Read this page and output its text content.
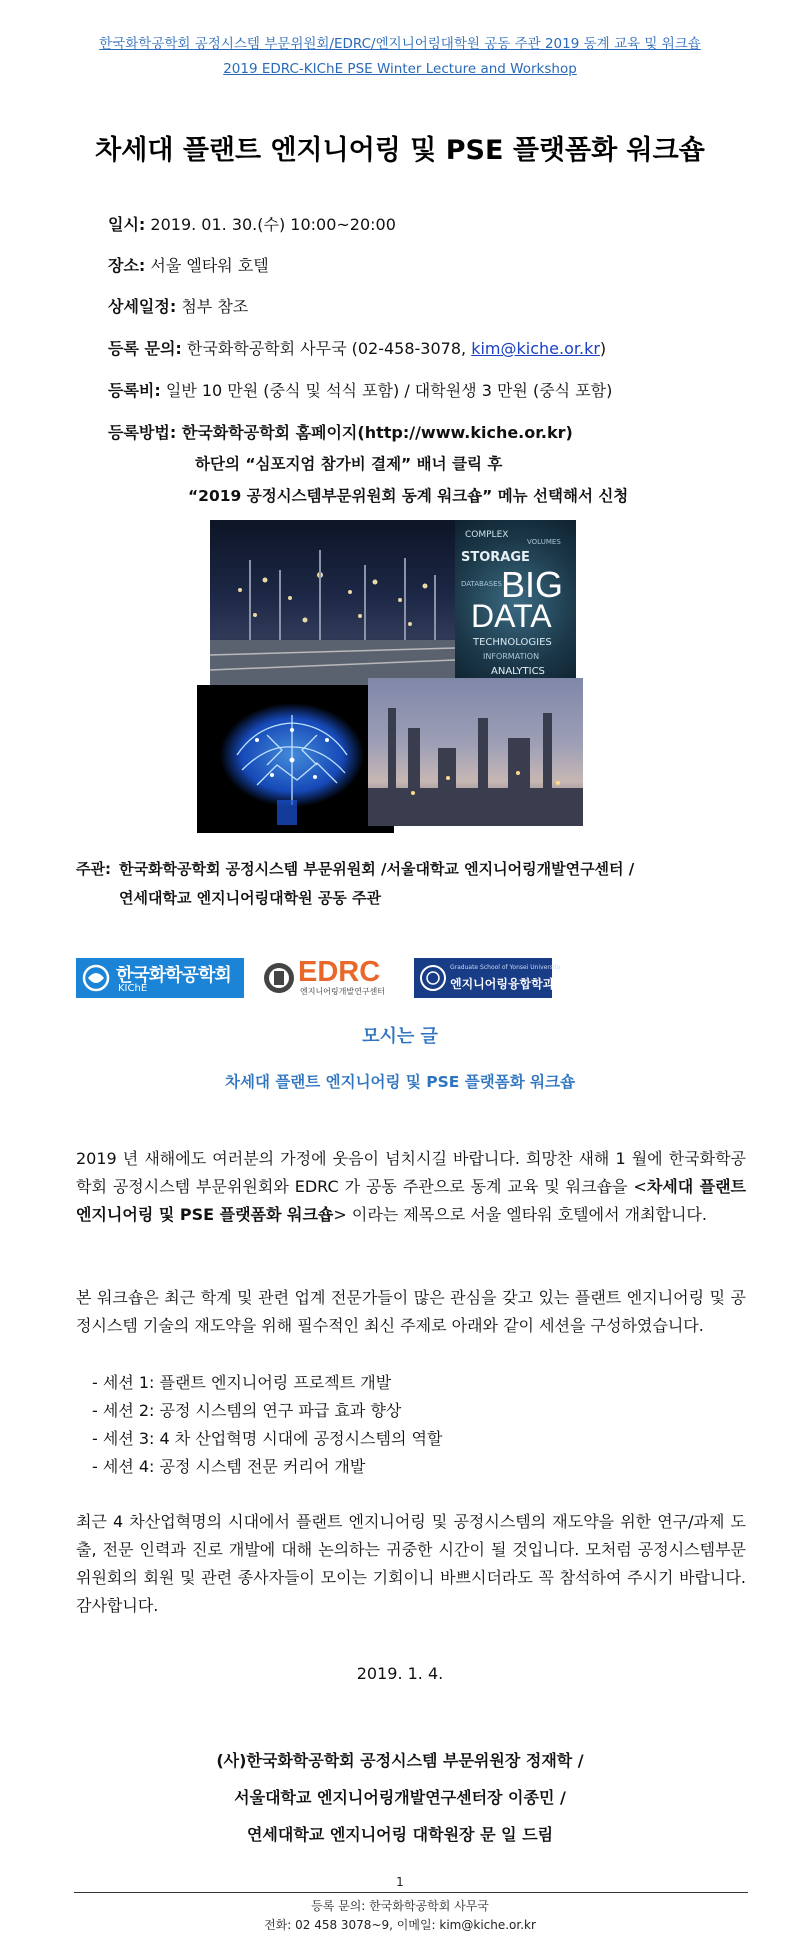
한국화학공학회 공정시스템 부문위원회/EDRC/엔지니어링대학원 공동 주관 2019 동계 교육 및 워크숍
2019 EDRC-KIChE PSE Winter Lecture and Workshop
차세대 플랜트 엔지니어링 및 PSE 플랫폼화 워크숍
일시: 2019. 01. 30.(수) 10:00~20:00
장소: 서울 엘타워 호텔
상세일정: 첨부 참조
등록 문의: 한국화학공학회 사무국 (02-458-3078, kim@kiche.or.kr)
등록비: 일반 10 만원 (중식 및 석식 포함) / 대학원생 3 만원 (중식 포함)
등록방법: 한국화학공학회 홈페이지(http://www.kiche.or.kr)
하단의 “심포지엄 참가비 결제” 배너 클릭 후
“2019 공정시스템부문위원회 동계 워크숍” 메뉴 선택해서 신청
COMPLEX
STORAGE
BIG
DATA
DATABASES
TECHNOLOGIES
INFORMATION
ANALYTICS
VOLUMES
주관: 한국화학공학회 공정시스템 부문위원회 /서울대학교 엔지니어링개발연구센터 /
연세대학교 엔지니어링대학원 공동 주관
한국화학공학회
KIChE
EDRC
엔지니어링개발연구센터
Graduate School of Yonsei University
엔지니어링융합학과
모시는 글
차세대 플랜트 엔지니어링 및 PSE 플랫폼화 워크숍
2019 년 새해에도 여러분의 가정에 웃음이 넘치시길 바랍니다. 희망찬 새해 1 월에 한국화학공학회 공정시스템 부문위원회와 EDRC 가 공동 주관으로 동계 교육 및 워크숍을 <차세대 플랜트 엔지니어링 및 PSE 플랫폼화 워크숍> 이라는 제목으로 서울 엘타워 호텔에서 개최합니다.
본 워크숍은 최근 학계 및 관련 업계 전문가들이 많은 관심을 갖고 있는 플랜트 엔지니어링 및 공정시스템 기술의 재도약을 위해 필수적인 최신 주제로 아래와 같이 세션을 구성하였습니다.
- 세션 1: 플랜트 엔지니어링 프로젝트 개발
- 세션 2: 공정 시스템의 연구 파급 효과 향상
- 세션 3: 4 차 산업혁명 시대에 공정시스템의 역할
- 세션 4: 공정 시스템 전문 커리어 개발
최근 4 차산업혁명의 시대에서 플랜트 엔지니어링 및 공정시스템의 재도약을 위한 연구/과제 도출, 전문 인력과 진로 개발에 대해 논의하는 귀중한 시간이 될 것입니다. 모처럼 공정시스템부문위원회의 회원 및 관련 종사자들이 모이는 기회이니 바쁘시더라도 꼭 참석하여 주시기 바랍니다. 감사합니다.
2019. 1. 4.
(사)한국화학공학회 공정시스템 부문위원장 정재학 /
서울대학교 엔지니어링개발연구센터장 이종민 /
연세대학교 엔지니어링 대학원장 문 일 드림
1
등록 문의: 한국화학공학회 사무국
전화: 02 458 3078~9, 이메일: kim@kiche.or.kr
